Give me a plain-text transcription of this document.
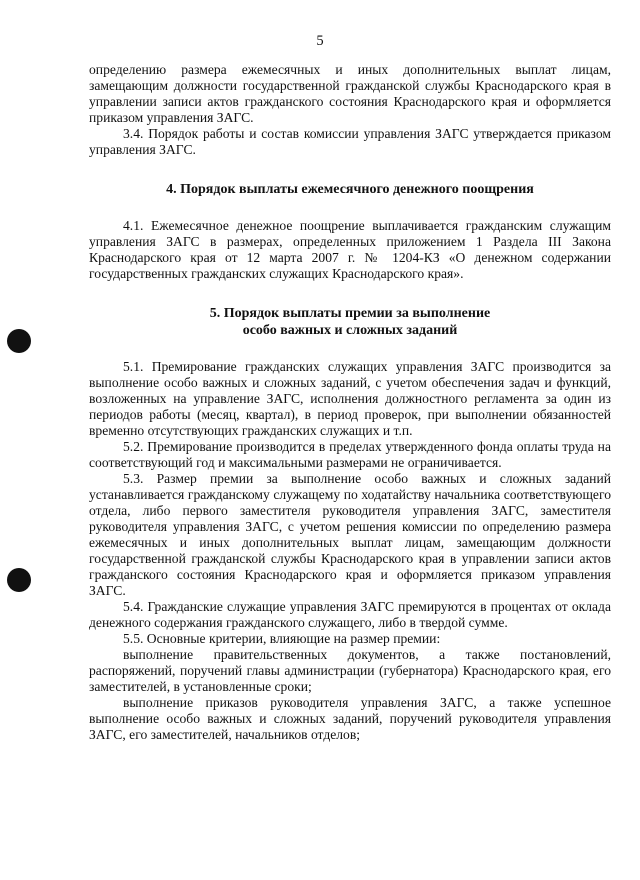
5

определению размера ежемесячных и иных дополнительных выплат лицам, замещающим должности государственной гражданской службы Краснодарского края в управлении записи актов гражданского состояния Краснодарского края и оформляется приказом управления ЗАГС.

3.4. Порядок работы и состав комиссии управления ЗАГС утверждается приказом управления ЗАГС.

4. Порядок выплаты ежемесячного денежного поощрения

4.1. Ежемесячное денежное поощрение выплачивается гражданским служащим управления ЗАГС в размерах, определенных приложением 1 Раздела III Закона Краснодарского края от 12 марта 2007 г. № 1204-КЗ «О денежном содержании государственных гражданских служащих Краснодарского края».

5. Порядок выплаты премии за выполнение

особо важных и сложных заданий

5.1. Премирование гражданских служащих управления ЗАГС производится за выполнение особо важных и сложных заданий, с учетом обеспечения задач и функций, возложенных на управление ЗАГС, исполнения должностного регламента за один из периодов работы (месяц, квартал), в период проверок, при выполнении обязанностей временно отсутствующих гражданских служащих и т.п.

5.2. Премирование производится в пределах утвержденного фонда оплаты труда на соответствующий год и максимальными размерами не ограничивается.

5.3. Размер премии за выполнение особо важных и сложных заданий устанавливается гражданскому служащему по ходатайству начальника соответствующего отдела, либо первого заместителя руководителя управления ЗАГС, заместителя руководителя управления ЗАГС, с учетом решения комиссии по определению размера ежемесячных и иных дополнительных выплат лицам, замещающим должности государственной гражданской службы Краснодарского края в управлении записи актов гражданского состояния Краснодарского края и оформляется приказом управления ЗАГС.

5.4. Гражданские служащие управления ЗАГС премируются в процентах от оклада денежного содержания гражданского служащего, либо в твердой сумме.

5.5. Основные критерии, влияющие на размер премии:

выполнение правительственных документов, а также постановлений, распоряжений, поручений главы администрации (губернатора) Краснодарского края, его заместителей, в установленные сроки;

выполнение приказов руководителя управления ЗАГС, а также успешное выполнение особо важных и сложных заданий, поручений руководителя управления ЗАГС, его заместителей, начальников отделов;
